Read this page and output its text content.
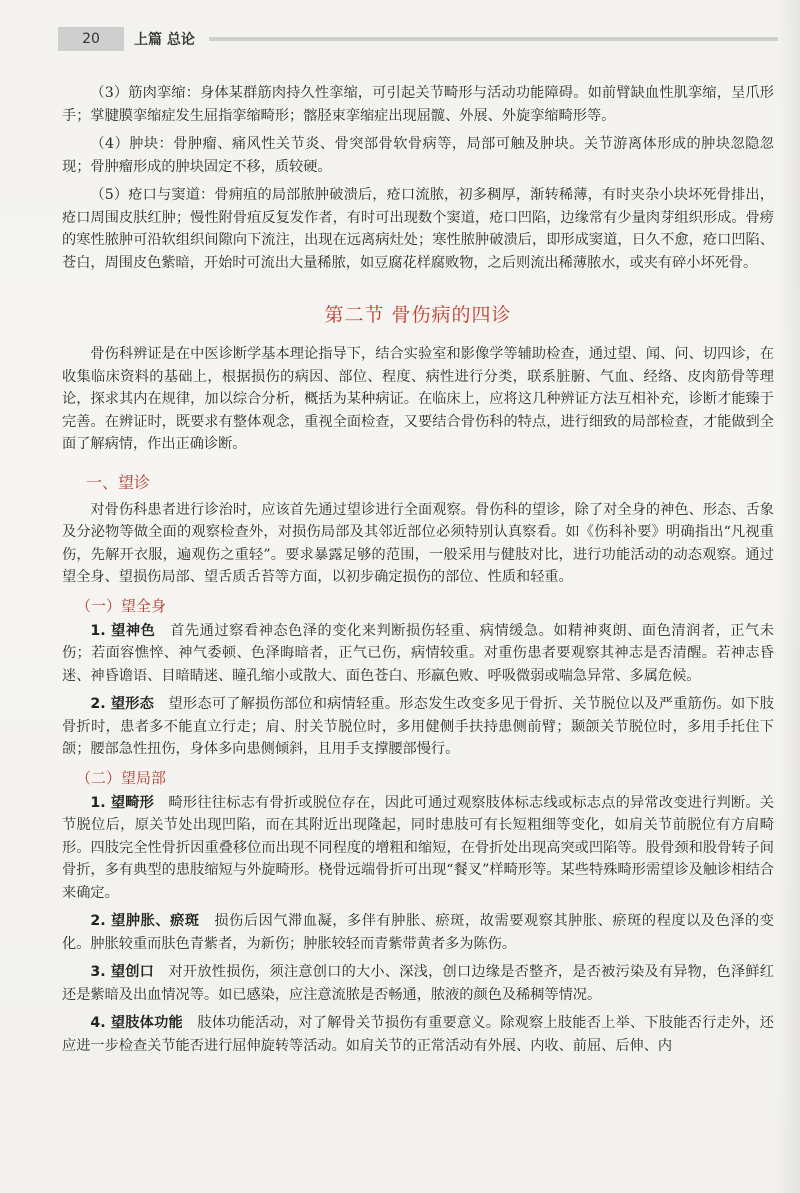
20	上篇 总论

（3）筋肉挛缩：身体某群筋肉持久性挛缩，可引起关节畸形与活动功能障碍。如前臂缺血性肌挛缩，呈爪形手；掌腱膜挛缩症发生屈指挛缩畸形；髂胫束挛缩症出现屈髋、外展、外旋挛缩畸形等。

（4）肿块：骨肿瘤、痛风性关节炎、骨突部骨软骨病等，局部可触及肿块。关节游离体形成的肿块忽隐忽现；骨肿瘤形成的肿块固定不移，质较硬。

（5）疮口与窦道：骨痈疽的局部脓肿破溃后，疮口流脓，初多稠厚，渐转稀薄，有时夹杂小块坏死骨排出，疮口周围皮肤红肿；慢性附骨疽反复发作者，有时可出现数个窦道，疮口凹陷，边缘常有少量肉芽组织形成。骨痨的寒性脓肿可沿软组织间隙向下流注，出现在远离病灶处；寒性脓肿破溃后，即形成窦道，日久不愈，疮口凹陷、苍白，周围皮色紫暗，开始时可流出大量稀脓，如豆腐花样腐败物，之后则流出稀薄脓水，或夹有碎小坏死骨。

第二节 骨伤病的四诊

骨伤科辨证是在中医诊断学基本理论指导下，结合实验室和影像学等辅助检查，通过望、闻、问、切四诊，在收集临床资料的基础上，根据损伤的病因、部位、程度、病性进行分类，联系脏腑、气血、经络、皮肉筋骨等理论，探求其内在规律，加以综合分析，概括为某种病证。在临床上，应将这几种辨证方法互相补充，诊断才能臻于完善。在辨证时，既要求有整体观念，重视全面检查，又要结合骨伤科的特点，进行细致的局部检查，才能做到全面了解病情，作出正确诊断。

一、望诊

对骨伤科患者进行诊治时，应该首先通过望诊进行全面观察。骨伤科的望诊，除了对全身的神色、形态、舌象及分泌物等做全面的观察检查外，对损伤局部及其邻近部位必须特别认真察看。如《伤科补要》明确指出“凡视重伤，先解开衣服，遍观伤之重轻”。要求暴露足够的范围，一般采用与健肢对比，进行功能活动的动态观察。通过望全身、望损伤局部、望舌质舌苔等方面，以初步确定损伤的部位、性质和轻重。

（一）望全身

1. 望神色　 首先通过察看神态色泽的变化来判断损伤轻重、病情缓急。如精神爽朗、面色清润者，正气未伤；若面容憔悴、神气委顿、色泽晦暗者，正气已伤，病情较重。对重伤患者要观察其神志是否清醒。若神志昏迷、神昏谵语、目暗睛迷、瞳孔缩小或散大、面色苍白、形羸色败、呼吸微弱或喘急异常、多属危候。

2. 望形态　 望形态可了解损伤部位和病情轻重。形态发生改变多见于骨折、关节脱位以及严重筋伤。如下肢骨折时，患者多不能直立行走；肩、肘关节脱位时，多用健侧手扶持患侧前臂；颞颌关节脱位时，多用手托住下颌；腰部急性扭伤，身体多向患侧倾斜，且用手支撑腰部慢行。

（二）望局部

1. 望畸形　 畸形往往标志有骨折或脱位存在，因此可通过观察肢体标志线或标志点的异常改变进行判断。关节脱位后，原关节处出现凹陷，而在其附近出现隆起，同时患肢可有长短粗细等变化，如肩关节前脱位有方肩畸形。四肢完全性骨折因重叠移位而出现不同程度的增粗和缩短，在骨折处出现高突或凹陷等。股骨颈和股骨转子间骨折，多有典型的患肢缩短与外旋畸形。桡骨远端骨折可出现“餐叉”样畸形等。某些特殊畸形需望诊及触诊相结合来确定。

2. 望肿胀、瘀斑　 损伤后因气滞血凝，多伴有肿胀、瘀斑，故需要观察其肿胀、瘀斑的程度以及色泽的变化。肿胀较重而肤色青紫者，为新伤；肿胀较轻而青紫带黄者多为陈伤。

3. 望创口　 对开放性损伤，须注意创口的大小、深浅，创口边缘是否整齐，是否被污染及有异物，色泽鲜红还是紫暗及出血情况等。如已感染，应注意流脓是否畅通，脓液的颜色及稀稠等情况。

4. 望肢体功能　 肢体功能活动，对了解骨关节损伤有重要意义。除观察上肢能否上举、下肢能否行走外，还应进一步检查关节能否进行屈伸旋转等活动。如肩关节的正常活动有外展、内收、前屈、后伸、内
